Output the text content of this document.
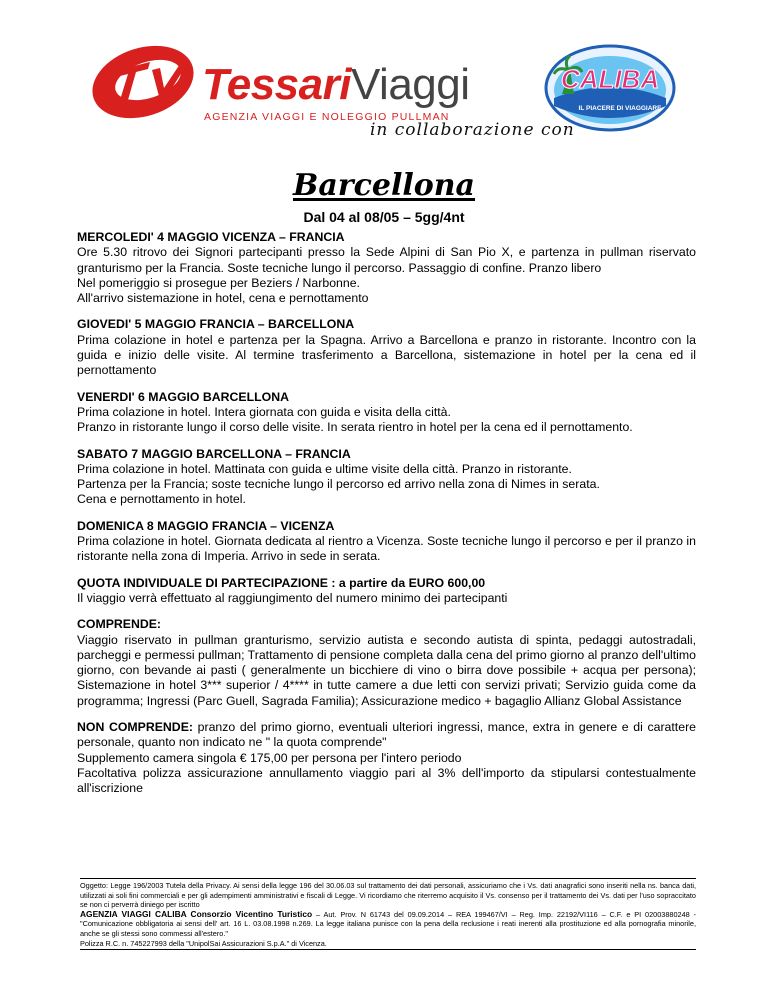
TessariViaggi
AGENZIA VIAGGI E NOLEGGIO PULLMAN
CALIBA
IL PIACERE DI VIAGGIARE
in collaborazione con
Barcellona
Dal 04 al 08/05 – 5gg/4nt
MERCOLEDI' 4 MAGGIO VICENZA – FRANCIA

Ore 5.30 ritrovo dei Signori partecipanti presso la Sede Alpini di San Pio X, e partenza in pullman riservato granturismo per la Francia. Soste tecniche lungo il percorso. Passaggio di confine. Pranzo libero

Nel pomeriggio si prosegue per Beziers / Narbonne.

All'arrivo sistemazione in hotel, cena e pernottamento

GIOVEDI' 5 MAGGIO FRANCIA – BARCELLONA

Prima colazione in hotel e partenza per la Spagna. Arrivo a Barcellona e pranzo in ristorante. Incontro con la guida e inizio delle visite. Al termine trasferimento a Barcellona, sistemazione in hotel per la cena ed il pernottamento

VENERDI' 6 MAGGIO BARCELLONA

Prima colazione in hotel. Intera giornata con guida e visita della città.

Pranzo in ristorante lungo il corso delle visite. In serata rientro in hotel per la cena ed il pernottamento.

SABATO 7 MAGGIO BARCELLONA – FRANCIA

Prima colazione in hotel. Mattinata con guida e ultime visite della città. Pranzo in ristorante.

Partenza per la Francia; soste tecniche lungo il percorso ed arrivo nella zona di Nimes in serata.

Cena e pernottamento in hotel.

DOMENICA 8 MAGGIO FRANCIA – VICENZA

Prima colazione in hotel. Giornata dedicata al rientro a Vicenza. Soste tecniche lungo il percorso e per il pranzo in ristorante nella zona di Imperia. Arrivo in sede in serata.

QUOTA INDIVIDUALE DI PARTECIPAZIONE : a partire da EURO 600,00

Il viaggio verrà effettuato al raggiungimento del numero minimo dei partecipanti

COMPRENDE:

Viaggio riservato in pullman granturismo, servizio autista e secondo autista di spinta, pedaggi autostradali, parcheggi e permessi pullman; Trattamento di pensione completa dalla cena del primo giorno al pranzo dell'ultimo giorno, con bevande ai pasti ( generalmente un bicchiere di vino o birra dove possibile + acqua per persona); Sistemazione in hotel 3*** superior / 4**** in tutte camere a due letti con servizi privati; Servizio guida come da programma; Ingressi (Parc Guell, Sagrada Familia); Assicurazione medico + bagaglio Allianz Global Assistance

NON COMPRENDE: pranzo del primo giorno, eventuali ulteriori ingressi, mance, extra in genere e di carattere personale, quanto non indicato ne " la quota comprende"

Supplemento camera singola € 175,00 per persona per l'intero periodo

Facoltativa polizza assicurazione annullamento viaggio pari al 3% dell'importo da stipularsi contestualmente all'iscrizione

Oggetto: Legge 196/2003 Tutela della Privacy. Ai sensi della legge 196 del 30.06.03 sul trattamento dei dati personali, assicuriamo che i Vs. dati anagrafici sono inseriti nella ns. banca dati, utilizzati ai soli fini commerciali e per gli adempimenti amministrativi e fiscali di Legge. Vi ricordiamo che riterremo acquisito il Vs. consenso per il trattamento dei Vs. dati per l'uso sopraccitato se non ci perverrà diniego per iscritto

AGENZIA VIAGGI CALIBA Consorzio Vicentino Turistico – Aut. Prov. N 61743 del 09.09.2014 – REA 199467/VI – Reg. Imp. 22192/VI116 – C.F. e PI 02003880248 - "Comunicazione obbligatoria ai sensi dell' art. 16 L. 03.08.1998 n.269. La legge italiana punisce con la pena della reclusione i reati inerenti alla prostituzione ed alla pornografia minorile, anche se gli stessi sono commessi all'estero."

Polizza R.C. n. 745227993 della "UnipolSai Assicurazioni S.p.A." di Vicenza.
